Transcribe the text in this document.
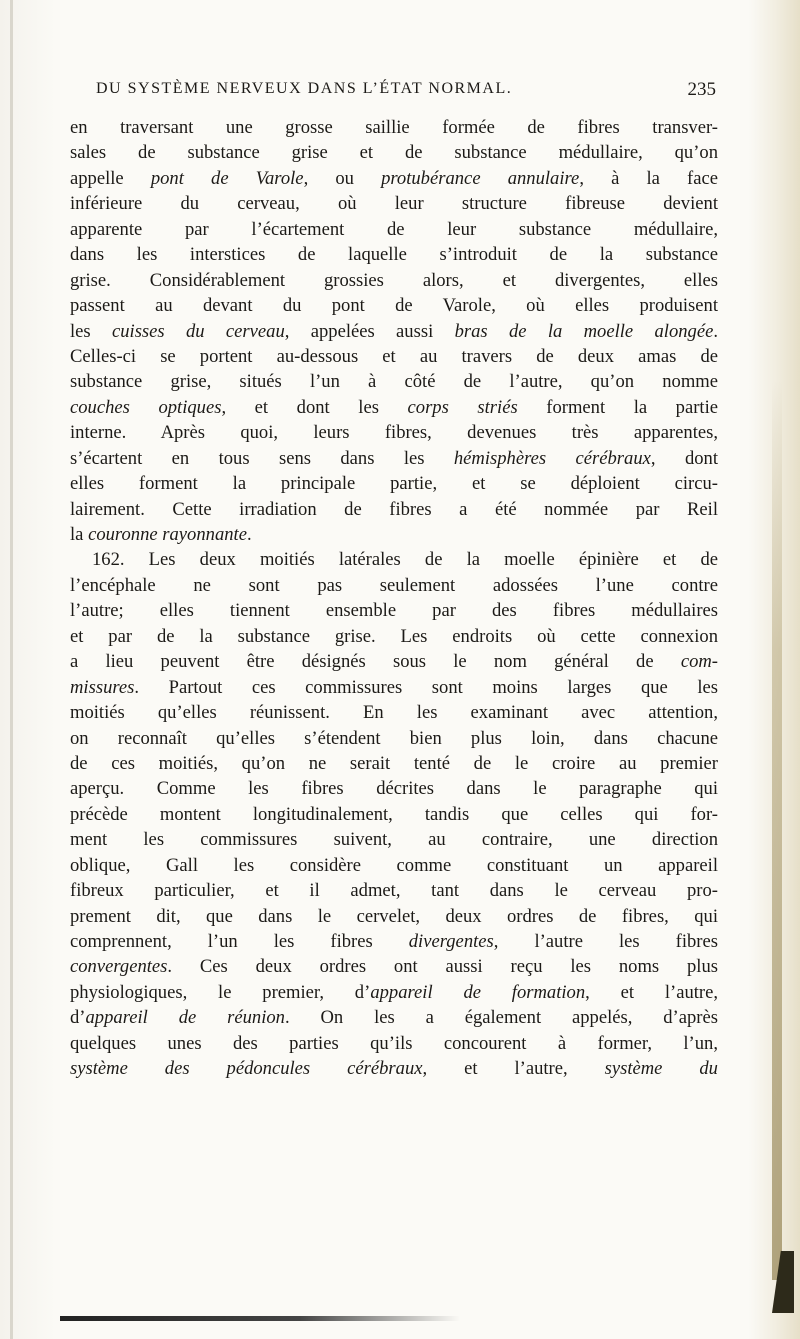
DU SYSTÈME NERVEUX DANS L’ÉTAT NORMAL.	235
en traversant une grosse saillie formée de fibres transver-
sales de substance grise et de substance médullaire, qu’on
appelle pont de Varole, ou protubérance annulaire, à la face
inférieure du cerveau, où leur structure fibreuse devient
apparente par l’écartement de leur substance médullaire,
dans les interstices de laquelle s’introduit de la substance
grise. Considérablement grossies alors, et divergentes, elles
passent au devant du pont de Varole, où elles produisent
les cuisses du cerveau, appelées aussi bras de la moelle alongée.
Celles-ci se portent au-dessous et au travers de deux amas de
substance grise, situés l’un à côté de l’autre, qu’on nomme
couches optiques, et dont les corps striés forment la partie
interne. Après quoi, leurs fibres, devenues très apparentes,
s’écartent en tous sens dans les hémisphères cérébraux, dont
elles forment la principale partie, et se déploient circu-
lairement. Cette irradiation de fibres a été nommée par Reil
la couronne rayonnante.
162. Les deux moitiés latérales de la moelle épinière et de
l’encéphale ne sont pas seulement adossées l’une contre
l’autre; elles tiennent ensemble par des fibres médullaires
et par de la substance grise. Les endroits où cette connexion
a lieu peuvent être désignés sous le nom général de com-
missures. Partout ces commissures sont moins larges que les
moitiés qu’elles réunissent. En les examinant avec attention,
on reconnaît qu’elles s’étendent bien plus loin, dans chacune
de ces moitiés, qu’on ne serait tenté de le croire au premier
aperçu. Comme les fibres décrites dans le paragraphe qui
précède montent longitudinalement, tandis que celles qui for-
ment les commissures suivent, au contraire, une direction
oblique, Gall les considère comme constituant un appareil
fibreux particulier, et il admet, tant dans le cerveau pro-
prement dit, que dans le cervelet, deux ordres de fibres, qui
comprennent, l’un les fibres divergentes, l’autre les fibres
convergentes. Ces deux ordres ont aussi reçu les noms plus
physiologiques, le premier, d’appareil de formation, et l’autre,
d’appareil de réunion. On les a également appelés, d’après
quelques unes des parties qu’ils concourent à former, l’un,
système des pédoncules cérébraux, et l’autre, système du
